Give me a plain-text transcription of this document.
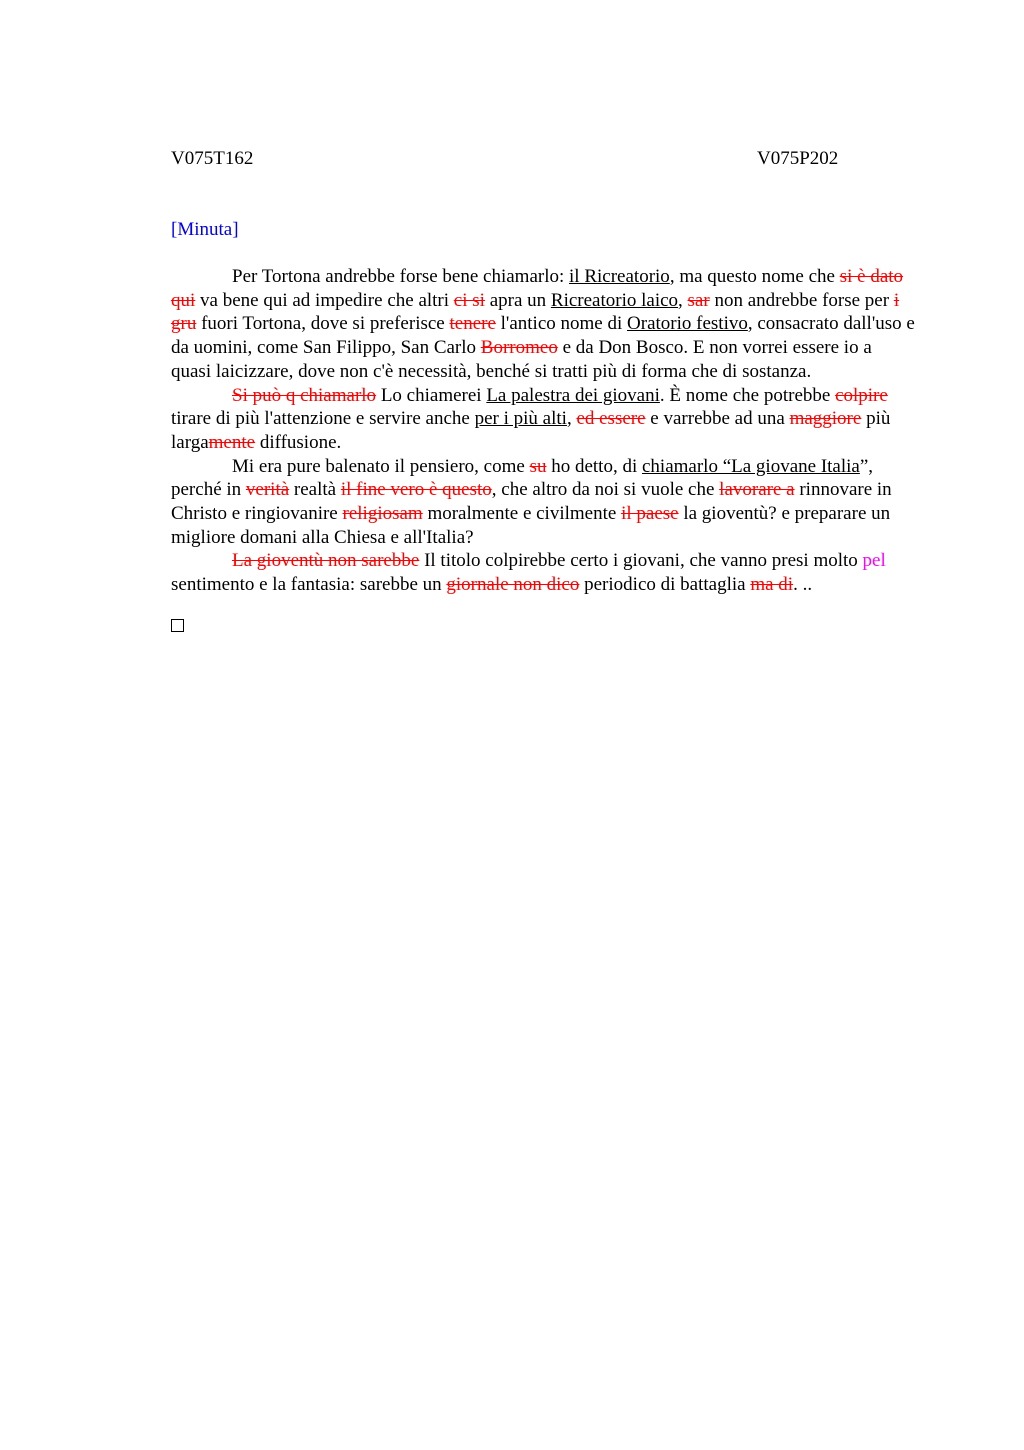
V075T162	V075P202
[Minuta]

Per Tortona andrebbe forse bene chiamarlo: il Ricreatorio, ma questo nome che si è dato qui va bene qui ad impedire che altri ci si apra un Ricreatorio laico, sar non andrebbe forse per i gru fuori Tortona, dove si preferisce tenere l'antico nome di Oratorio festivo, consacrato dall'uso e da uomini, come San Filippo, San Carlo Borromeo e da Don Bosco. E non vorrei essere io a quasi laicizzare, dove non c'è necessità, benché si tratti più di forma che di sostanza.

Si può q chiamarlo Lo chiamerei La palestra dei giovani. È nome che potrebbe colpire tirare di più l'attenzione e servire anche per i più alti, ed essere e varrebbe ad una maggiore più largamente diffusione.

Mi era pure balenato il pensiero, come su ho detto, di chiamarlo “La giovane Italia”, perché in verità realtà il fine vero è questo, che altro da noi si vuole che lavorare a rinnovare in Christo e ringiovanire religiosam moralmente e civilmente il paese la gioventù? e preparare un migliore domani alla Chiesa e all'Italia?

La gioventù non sarebbe Il titolo colpirebbe certo i giovani, che vanno presi molto pel sentimento e la fantasia: sarebbe un giornale non dico periodico di battaglia ma di. ..
